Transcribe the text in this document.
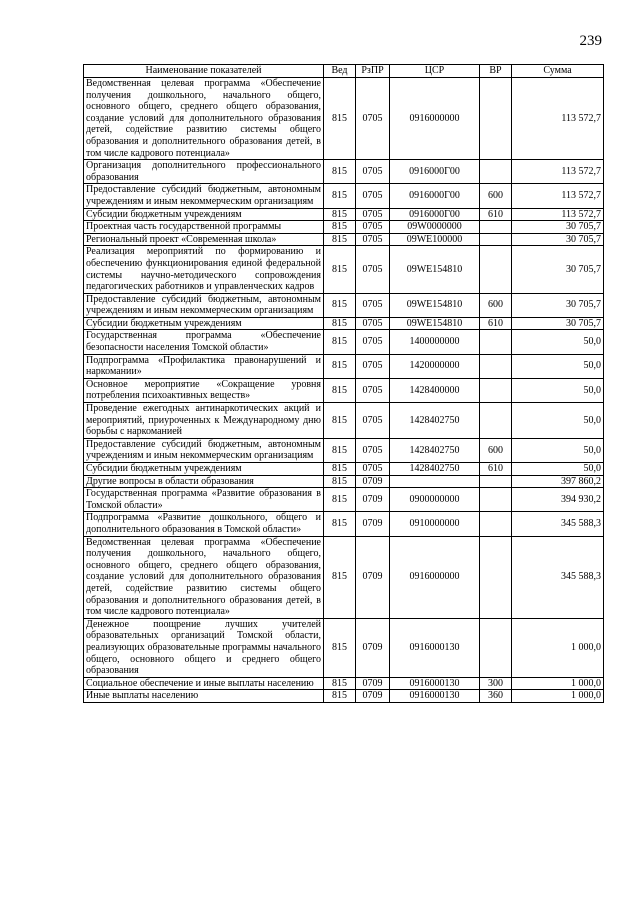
239
Наименование показателей	Вед	РзПР	ЦСР	ВР	Сумма
Ведомственная целевая программа «Обеспечение получения дошкольного, начального общего, основного общего, среднего общего образования, создание условий для дополнительного образования детей, содействие развитию системы общего образования и дополнительного образования детей, в том числе кадрового потенциала»	815	0705	0916000000		113 572,7
Организация дополнительного профессионального образования	815	0705	0916000Г00		113 572,7
Предоставление субсидий бюджетным, автономным учреждениям и иным некоммерческим организациям	815	0705	0916000Г00	600	113 572,7
Субсидии бюджетным учреждениям	815	0705	0916000Г00	610	113 572,7
Проектная часть государственной программы	815	0705	09W0000000		30 705,7
Региональный проект «Современная школа»	815	0705	09WE100000		30 705,7
Реализация мероприятий по формированию и обеспечению функционирования единой федеральной системы научно-методического сопровождения педагогических работников и управленческих кадров	815	0705	09WE154810		30 705,7
Предоставление субсидий бюджетным, автономным учреждениям и иным некоммерческим организациям	815	0705	09WE154810	600	30 705,7
Субсидии бюджетным учреждениям	815	0705	09WE154810	610	30 705,7
Государственная программа «Обеспечение безопасности населения Томской области»	815	0705	1400000000		50,0
Подпрограмма «Профилактика правонарушений и наркомании»	815	0705	1420000000		50,0
Основное мероприятие «Сокращение уровня потребления психоактивных веществ»	815	0705	1428400000		50,0
Проведение ежегодных антинаркотических акций и мероприятий, приуроченных к Международному дню борьбы с наркоманией	815	0705	1428402750		50,0
Предоставление субсидий бюджетным, автономным учреждениям и иным некоммерческим организациям	815	0705	1428402750	600	50,0
Субсидии бюджетным учреждениям	815	0705	1428402750	610	50,0
Другие вопросы в области образования	815	0709			397 860,2
Государственная программа «Развитие образования в Томской области»	815	0709	0900000000		394 930,2
Подпрограмма «Развитие дошкольного, общего и дополнительного образования в Томской области»	815	0709	0910000000		345 588,3
Ведомственная целевая программа «Обеспечение получения дошкольного, начального общего, основного общего, среднего общего образования, создание условий для дополнительного образования детей, содействие развитию системы общего образования и дополнительного образования детей, в том числе кадрового потенциала»	815	0709	0916000000		345 588,3
Денежное поощрение лучших учителей образовательных организаций Томской области, реализующих образовательные программы начального общего, основного общего и среднего общего образования	815	0709	0916000130		1 000,0
Социальное обеспечение и иные выплаты населению	815	0709	0916000130	300	1 000,0
Иные выплаты населению	815	0709	0916000130	360	1 000,0
